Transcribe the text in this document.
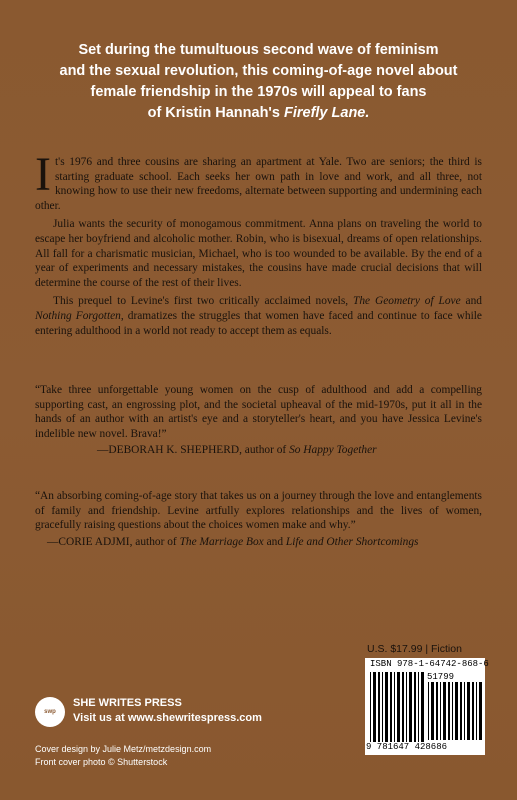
Set during the tumultuous second wave of feminism
and the sexual revolution, this coming-of-age novel about
female friendship in the 1970s will appeal to fans
of Kristin Hannah's Firefly Lane.

It's 1976 and three cousins are sharing an apartment at Yale. Two are seniors; the third is starting graduate school. Each seeks her own path in love and work, and all three, not knowing how to use their new freedoms, alternate between supporting and undermining each other.

Julia wants the security of monogamous commitment. Anna plans on traveling the world to escape her boyfriend and alcoholic mother. Robin, who is bisexual, dreams of open relationships. All fall for a charismatic musician, Michael, who is too wounded to be available. By the end of a year of experiments and necessary mistakes, the cousins have made crucial decisions that will determine the course of the rest of their lives.

This prequel to Levine's first two critically acclaimed novels, The Geometry of Love and Nothing Forgotten, dramatizes the struggles that women have faced and continue to face while entering adulthood in a world not ready to accept them as equals.

“Take three unforgettable young women on the cusp of adulthood and add a compelling supporting cast, an engrossing plot, and the societal upheaval of the mid-1970s, put it all in the hands of an author with an artist's eye and a storyteller's heart, and you have Jessica Levine's indelible new novel. Brava!”

—DEBORAH K. SHEPHERD, author of So Happy Together

“An absorbing coming-of-age story that takes us on a journey through the love and entanglements of family and friendship. Levine artfully explores relationships and the lives of women, gracefully raising questions about the choices women make and why.”

—CORIE ADJMI, author of The Marriage Box and Life and Other Shortcomings

U.S. $17.99 | Fiction
ISBN 978-1-64742-868-6
51799
9 781647 428686
swp
SHE WRITES PRESS
Visit us at www.shewritespress.com
Cover design by Julie Metz/metzdesign.com
Front cover photo © Shutterstock
